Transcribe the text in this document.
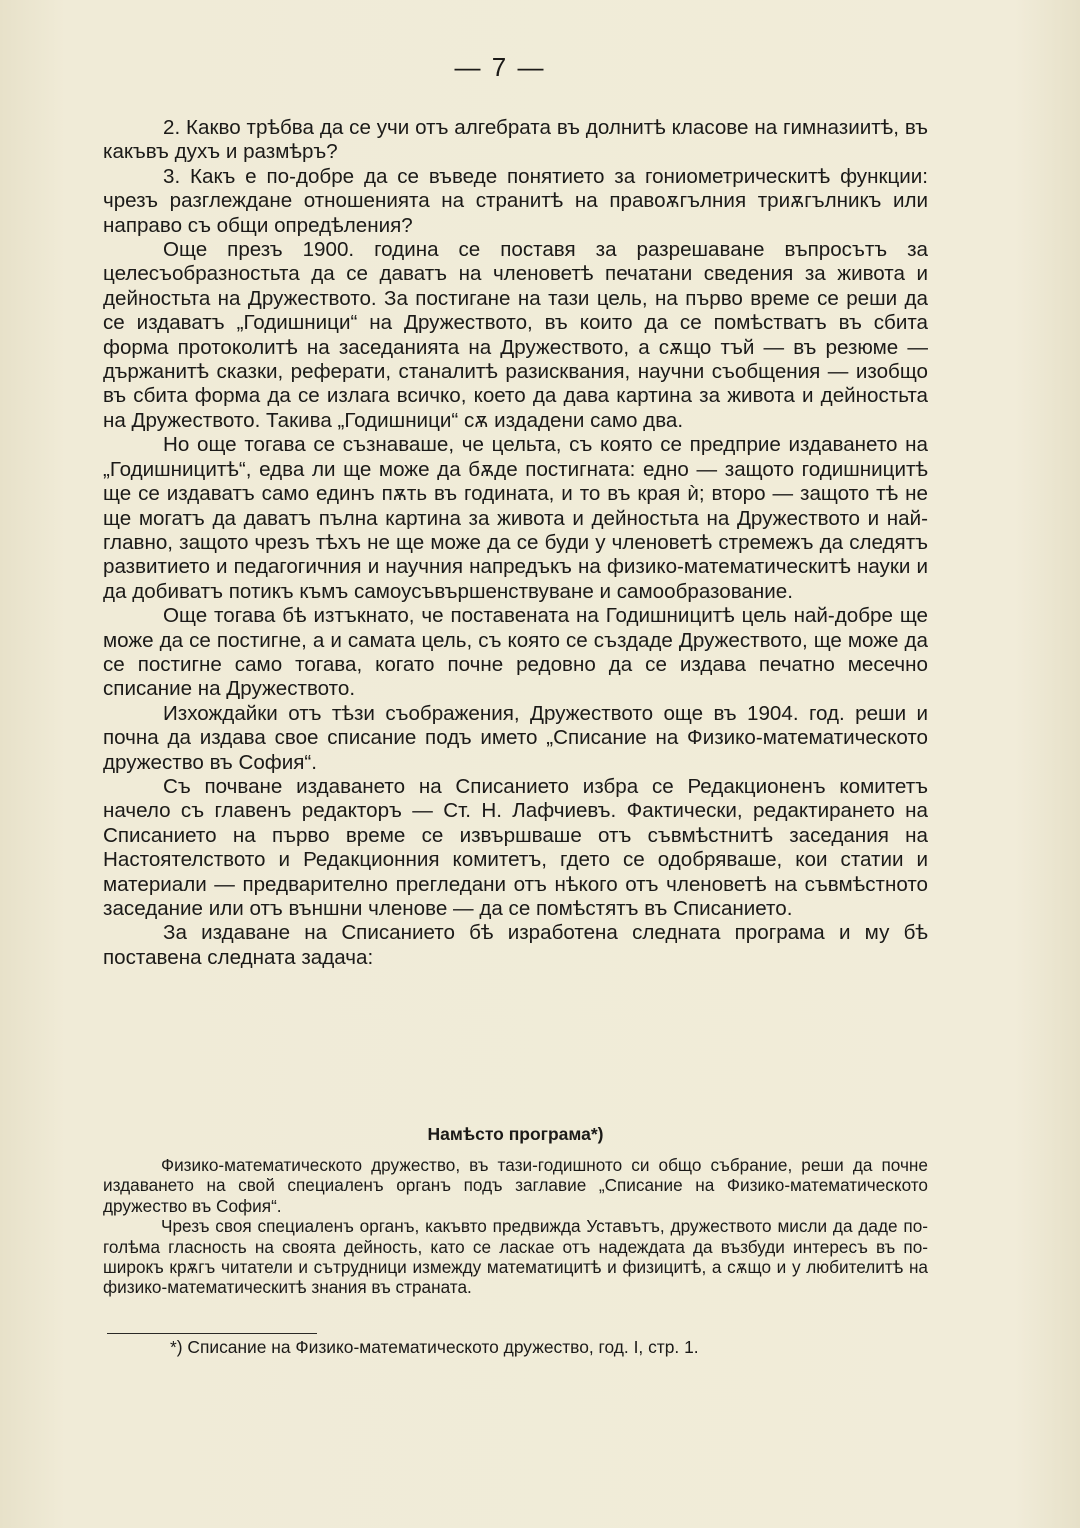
— 7 —

2. Какво трѣбва да се учи отъ алгебрата въ долнитѣ класове на гимназиитѣ, въ какъвъ духъ и размѣръ?

3. Какъ е по-добре да се въведе понятието за гониометрическитѣ функции: чрезъ разглеждане отношенията на странитѣ на правоѫгълния триѫгълникъ или направо съ общи опредѣления?

Още презъ 1900. година се поставя за разрешаване въпросътъ за целесъобразностьта да се даватъ на членоветѣ печатани сведения за живота и дейностьта на Дружеството. За постигане на тази цель, на първо време се реши да се издаватъ „Годишници“ на Дружеството, въ които да се помѣстватъ въ сбита форма протоколитѣ на заседанията на Дружеството, а сѫщо тъй — въ резюме — държанитѣ сказки, реферати, станалитѣ разисквания, научни съобщения — изобщо въ сбита форма да се излага всичко, което да дава картина за живота и дейностьта на Дружеството. Такива „Годишници“ сѫ издадени само два.

Но още тогава се съзнаваше, че цельта, съ която се предприе издаването на „Годишницитѣ“, едва ли ще може да бѫде постигната: едно — защото годишницитѣ ще се издаватъ само единъ пѫть въ годината, и то въ края ѝ; второ — защото тѣ не ще могатъ да даватъ пълна картина за живота и дейностьта на Дружеството и най-главно, защото чрезъ тѣхъ не ще може да се буди у членоветѣ стремежъ да следятъ развитието и педагогичния и научния напредъкъ на физико-математическитѣ науки и да добиватъ потикъ къмъ самоусъвършенствуване и самообразование.

Още тогава бѣ изтъкнато, че поставената на Годишницитѣ цель най-добре ще може да се постигне, а и самата цель, съ която се създаде Дружеството, ще може да се постигне само тогава, когато почне редовно да се издава печатно месечно списание на Дружеството.

Изхождайки отъ тѣзи съображения, Дружеството още въ 1904. год. реши и почна да издава свое списание подъ името „Списание на Физико-математическото дружество въ София“.

Съ почване издаването на Списанието избра се Редакционенъ комитетъ начело съ главенъ редакторъ — Ст. Н. Лафчиевъ. Фактически, редактирането на Списанието на първо време се извършваше отъ съвмѣстнитѣ заседания на Настоятелството и Редакционния комитетъ, гдето се одобряваше, кои статии и материали — предварително прегледани отъ нѣкого отъ членоветѣ на съвмѣстното заседание или отъ външни членове — да се помѣстятъ въ Списанието.

За издаване на Списанието бѣ изработена следната програма и му бѣ поставена следната задача:

Намѣсто програма*)

Физико-математическото дружество, въ тази-годишното си общо събрание, реши да почне издаването на свой специаленъ органъ подъ заглавие „Списание на Физико-математическото дружество въ София“.

Чрезъ своя специаленъ органъ, какъвто предвижда Уставътъ, дружеството мисли да даде по-голѣма гласность на своята дейность, като се ласкае отъ надеждата да възбуди интересъ въ по-широкъ крѫгъ читатели и сътрудници измежду математицитѣ и физицитѣ, а сѫщо и у любителитѣ на физико-математическитѣ знания въ страната.

*) Списание на Физико-математическото дружество, год. I, стр. 1.
